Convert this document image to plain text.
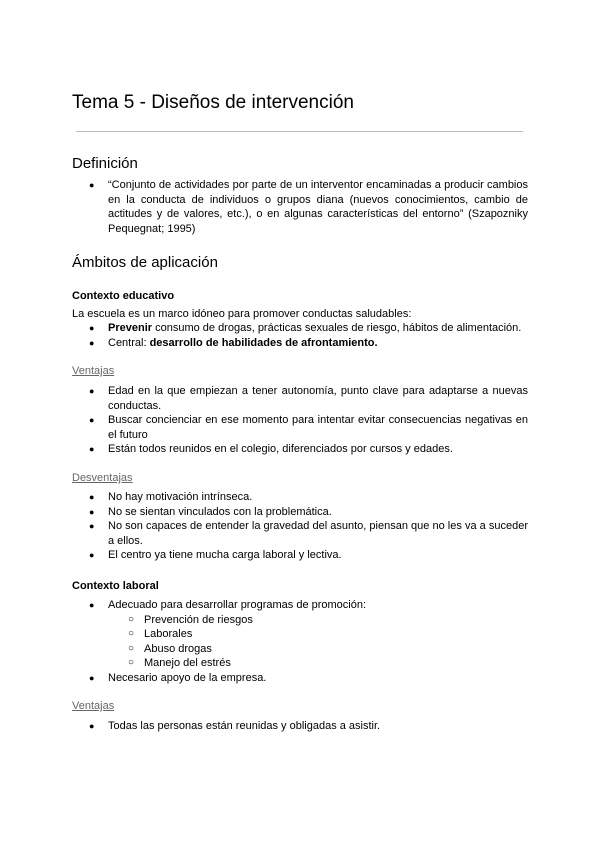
Tema 5 - Diseños de intervención
Definición
● “Conjunto de actividades por parte de un interventor encaminadas a producir cambios en la conducta de individuos o grupos diana (nuevos conocimientos, cambio de actitudes y de valores, etc.), o en algunas características del entorno” (Szapozniky Pequegnat; 1995)
Ámbitos de aplicación
Contexto educativo

La escuela es un marco idóneo para promover conductas saludables:

● Prevenir consumo de drogas, prácticas sexuales de riesgo, hábitos de alimentación.
● Central: desarrollo de habilidades de afrontamiento.

Ventajas

● Edad en la que empiezan a tener autonomía, punto clave para adaptarse a nuevas conductas.
● Buscar concienciar en ese momento para intentar evitar consecuencias negativas en el futuro
● Están todos reunidos en el colegio, diferenciados por cursos y edades.

Desventajas

● No hay motivación intrínseca.
● No se sientan vinculados con la problemática.
● No son capaces de entender la gravedad del asunto, piensan que no les va a suceder a ellos.
● El centro ya tiene mucha carga laboral y lectiva.
Contexto laboral
● Adecuado para desarrollar programas de promoción:
○ Prevención de riesgos
○ Laborales
○ Abuso drogas
○ Manejo del estrés
● Necesario apoyo de la empresa.

Ventajas

● Todas las personas están reunidas y obligadas a asistir.
